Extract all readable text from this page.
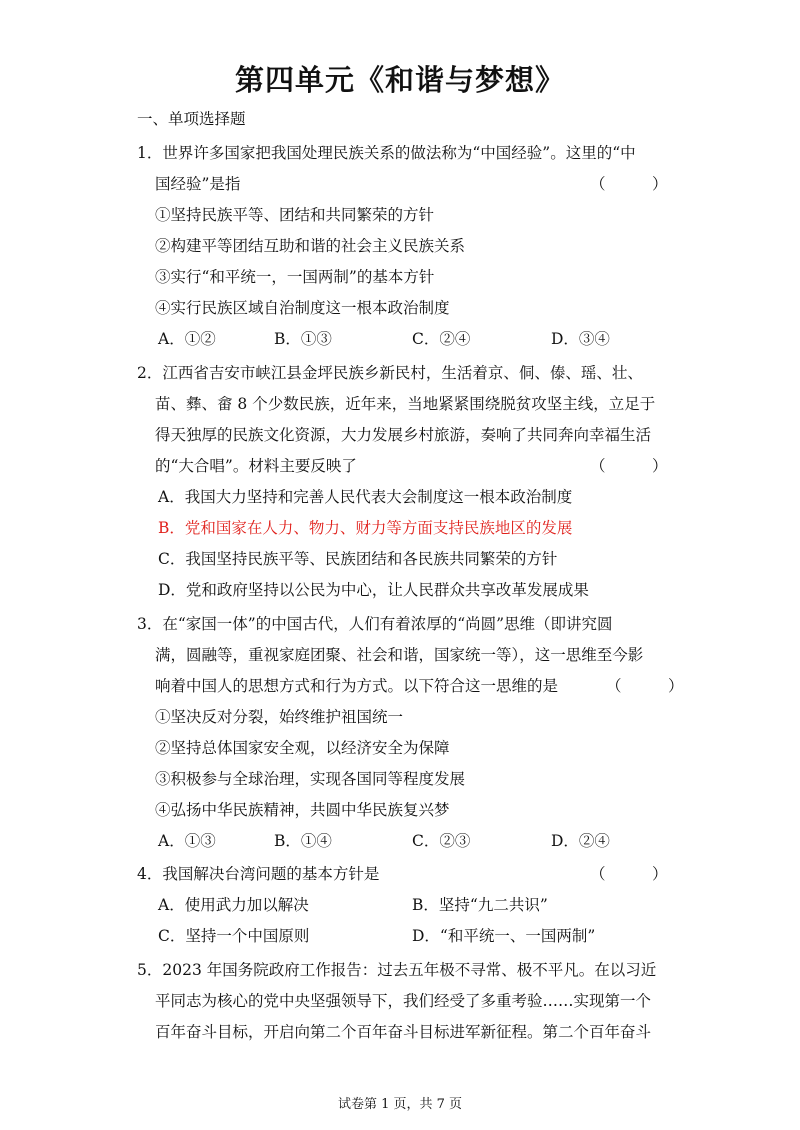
第四单元《和谐与梦想》
一、单项选择题
1．世界许多国家把我国处理民族关系的做法称为“中国经验”。这里的“中
国经验”是指	（　　　）
①坚持民族平等、团结和共同繁荣的方针
②构建平等团结互助和谐的社会主义民族关系
③实行“和平统一，一国两制”的基本方针
④实行民族区域自治制度这一根本政治制度
A．①②	B．①③	C．②④	D．③④
2．江西省吉安市峡江县金坪民族乡新民村，生活着京、侗、傣、瑶、壮、
苗、彝、畲 8 个少数民族，近年来，当地紧紧围绕脱贫攻坚主线，立足于
得天独厚的民族文化资源，大力发展乡村旅游，奏响了共同奔向幸福生活
的“大合唱”。材料主要反映了	（　　　）
A．我国大力坚持和完善人民代表大会制度这一根本政治制度
B．党和国家在人力、物力、财力等方面支持民族地区的发展
C．我国坚持民族平等、民族团结和各民族共同繁荣的方针
D．党和政府坚持以公民为中心，让人民群众共享改革发展成果
3．在“家国一体”的中国古代，人们有着浓厚的“尚圆”思维（即讲究圆
满，圆融等，重视家庭团聚、社会和谐，国家统一等），这一思维至今影
响着中国人的思想方式和行为方式。以下符合这一思维的是	（　　　）
①坚决反对分裂，始终维护祖国统一
②坚持总体国家安全观，以经济安全为保障
③积极参与全球治理，实现各国同等程度发展
④弘扬中华民族精神，共圆中华民族复兴梦
A．①③	B．①④	C．②③	D．②④
4．我国解决台湾问题的基本方针是	（　　　）
A．使用武力加以解决	B．坚持“九二共识”
C．坚持一个中国原则	D．“和平统一、一国两制”
5．2023 年国务院政府工作报告：过去五年极不寻常、极不平凡。在以习近
平同志为核心的党中央坚强领导下，我们经受了多重考验……实现第一个
百年奋斗目标，开启向第二个百年奋斗目标进军新征程。第二个百年奋斗
试卷第 1 页，共 7 页
